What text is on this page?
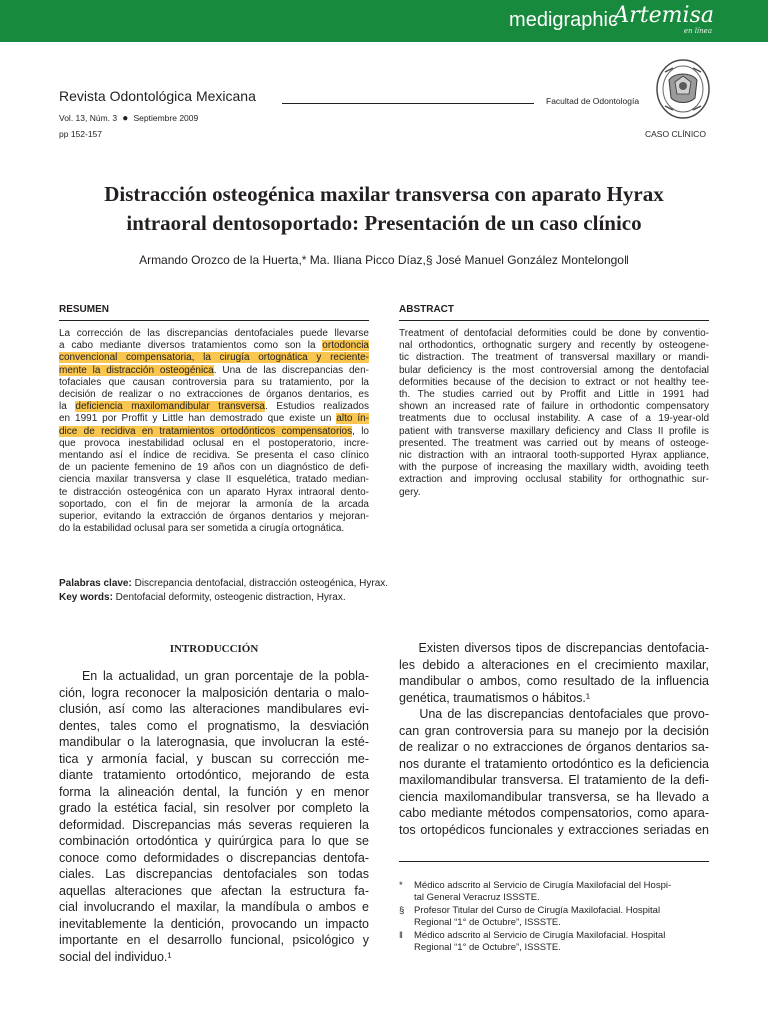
medigraphic
Artemisa
en línea
Revista Odontológica Mexicana
Vol. 13, Núm. 3  ●  Septiembre 2009
pp 152-157
Facultad de Odontología
CASO CLÍNICO
Distracción osteogénica maxilar transversa con aparato Hyrax
intraoral dentosoportado: Presentación de un caso clínico
Armando Orozco de la Huerta,* Ma. Iliana Picco Díaz,§ José Manuel González Montelongo‖
RESUMEN	ABSTRACT
La corrección de las discrepancias dentofaciales puede llevarse
a cabo mediante diversos tratamientos como son la ortodoncia
convencional compensatoria, la cirugía ortognática y reciente-
mente la distracción osteogénica. Una de las discrepancias den-
tofaciales que causan controversia para su tratamiento, por la
decisión de realizar o no extracciones de órganos dentarios, es
la deficiencia maxilomandibular transversa. Estudios realizados
en 1991 por Proffit y Little han demostrado que existe un alto ín-
dice de recidiva en tratamientos ortodónticos compensatorios, lo
que provoca inestabilidad oclusal en el postoperatorio, incre-
mentando así el índice de recidiva. Se presenta el caso clínico
de un paciente femenino de 19 años con un diagnóstico de defi-
ciencia maxilar transversa y clase II esquelética, tratado median-
te distracción osteogénica con un aparato Hyrax intraoral dento-
soportado, con el fin de mejorar la armonía de la arcada
superior, evitando la extracción de órganos dentarios y mejoran-
do la estabilidad oclusal para ser sometida a cirugía ortognática.
Treatment of dentofacial deformities could be done by conventio-
nal orthodontics, orthognatic surgery and recently by osteogene-
tic distraction. The treatment of transversal maxillary or mandi-
bular deficiency is the most controversial among the dentofacial
deformities because of the decision to extract or not healthy tee-
th. The studies carried out by Proffit and Little in 1991 had
shown an increased rate of failure in orthodontic compensatory
treatments due to occlusal instability. A case of a 19-year-old
patient with transverse maxillary deficiency and Class II profile is
presented. The treatment was carried out by means of osteoge-
nic distraction with an intraoral tooth-supported Hyrax appliance,
with the purpose of increasing the maxillary width, avoiding teeth
extraction and improving occlusal stability for orthognathic sur-
gery.
Palabras clave: Discrepancia dentofacial, distracción osteogénica, Hyrax.
Key words: Dentofacial deformity, osteogenic distraction, Hyrax.
INTRODUCCIÓN
En la actualidad, un gran porcentaje de la pobla-
ción, logra reconocer la malposición dentaria o malo-
clusión, así como las alteraciones mandibulares evi-
dentes, tales como el prognatismo, la desviación
mandibular o la laterognasia, que involucran la esté-
tica y armonía facial, y buscan su corrección me-
diante tratamiento ortodóntico, mejorando de esta
forma la alineación dental, la función y en menor
grado la estética facial, sin resolver por completo la
deformidad. Discrepancias más severas requieren la
combinación ortodóntica y quirúrgica para lo que se
conoce como deformidades o discrepancias dentofa-
ciales. Las discrepancias dentofaciales son todas
aquellas alteraciones que afectan la estructura fa-
cial involucrando el maxilar, la mandíbula o ambos e
inevitablemente la dentición, provocando un impacto
importante en el desarrollo funcional, psicológico y
social del individuo.¹
Existen diversos tipos de discrepancias dentofacia-
les debido a alteraciones en el crecimiento maxilar,
mandibular o ambos, como resultado de la influencia
genética, traumatismos o hábitos.¹
Una de las discrepancias dentofaciales que provo-
can gran controversia para su manejo por la decisión
de realizar o no extracciones de órganos dentarios sa-
nos durante el tratamiento ortodóntico es la deficiencia
maxilomandibular transversa. El tratamiento de la defi-
ciencia maxilomandibular transversa, se ha llevado a
cabo mediante métodos compensatorios, como apara-
tos ortopédicos funcionales y extracciones seriadas en
* Médico adscrito al Servicio de Cirugía Maxilofacial del Hospi-
tal General Veracruz ISSSTE.
§ Profesor Titular del Curso de Cirugía Maxilofacial. Hospital
Regional “1° de Octubre”, ISSSTE.
‖ Médico adscrito al Servicio de Cirugía Maxilofacial. Hospital
Regional “1° de Octubre”, ISSSTE.
